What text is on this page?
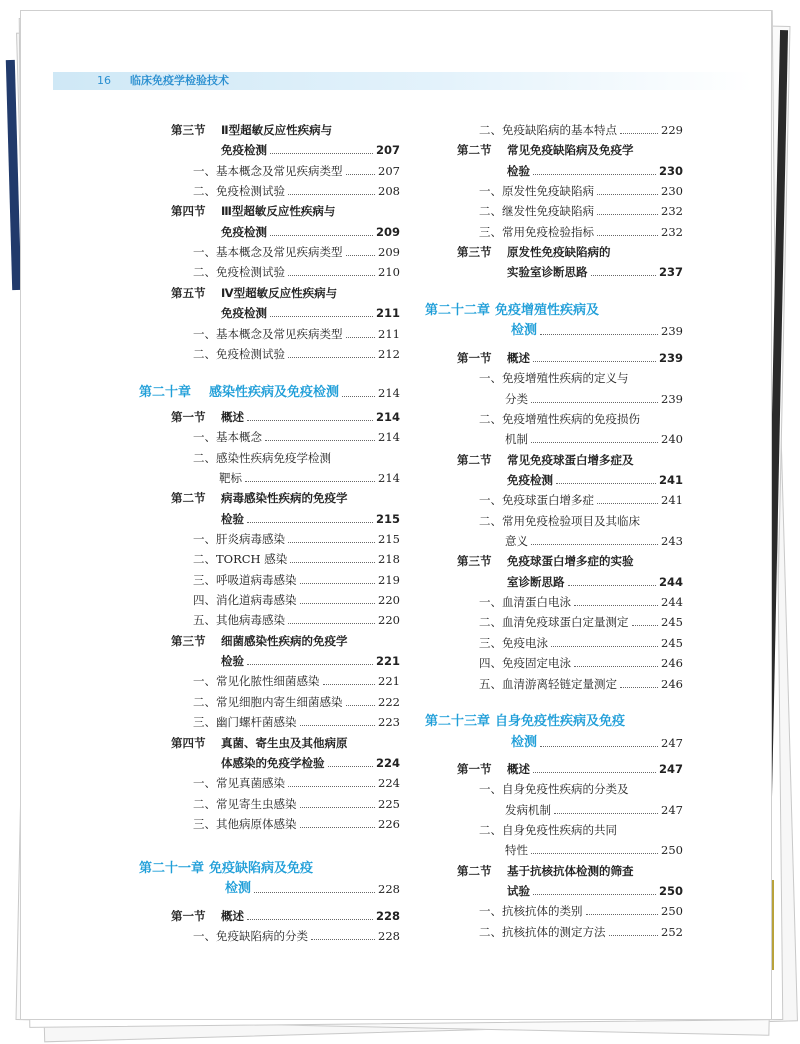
16 临床免疫学检验技术
第三节 Ⅱ型超敏反应性疾病与
免疫检测	207
一、基本概念及常见疾病类型	207
二、免疫检测试验	208
第四节 Ⅲ型超敏反应性疾病与
免疫检测	209
一、基本概念及常见疾病类型	209
二、免疫检测试验	210
第五节 Ⅳ型超敏反应性疾病与
免疫检测	211
一、基本概念及常见疾病类型	211
二、免疫检测试验	212
第二十章 感染性疾病及免疫检测	214
第一节 概述	214
一、基本概念	214
二、感染性疾病免疫学检测
靶标	214
第二节 病毒感染性疾病的免疫学
检验	215
一、肝炎病毒感染	215
二、TORCH 感染	218
三、呼吸道病毒感染	219
四、消化道病毒感染	220
五、其他病毒感染	220
第三节 细菌感染性疾病的免疫学
检验	221
一、常见化脓性细菌感染	221
二、常见细胞内寄生细菌感染	222
三、幽门螺杆菌感染	223
第四节 真菌、寄生虫及其他病原
体感染的免疫学检验	224
一、常见真菌感染	224
二、常见寄生虫感染	225
三、其他病原体感染	226
第二十一章 免疫缺陷病及免疫
检测	228
第一节 概述	228
一、免疫缺陷病的分类	228
二、免疫缺陷病的基本特点	229
第二节 常见免疫缺陷病及免疫学
检验	230
一、原发性免疫缺陷病	230
二、继发性免疫缺陷病	232
三、常用免疫检验指标	232
第三节 原发性免疫缺陷病的
实验室诊断思路	237
第二十二章 免疫增殖性疾病及
检测	239
第一节 概述	239
一、免疫增殖性疾病的定义与
分类	239
二、免疫增殖性疾病的免疫损伤
机制	240
第二节 常见免疫球蛋白增多症及
免疫检测	241
一、免疫球蛋白增多症	241
二、常用免疫检验项目及其临床
意义	243
第三节 免疫球蛋白增多症的实验
室诊断思路	244
一、血清蛋白电泳	244
二、血清免疫球蛋白定量测定	245
三、免疫电泳	245
四、免疫固定电泳	246
五、血清游离轻链定量测定	246
第二十三章 自身免疫性疾病及免疫
检测	247
第一节 概述	247
一、自身免疫性疾病的分类及
发病机制	247
二、自身免疫性疾病的共同
特性	250
第二节 基于抗核抗体检测的筛查
试验	250
一、抗核抗体的类别	250
二、抗核抗体的测定方法	252
